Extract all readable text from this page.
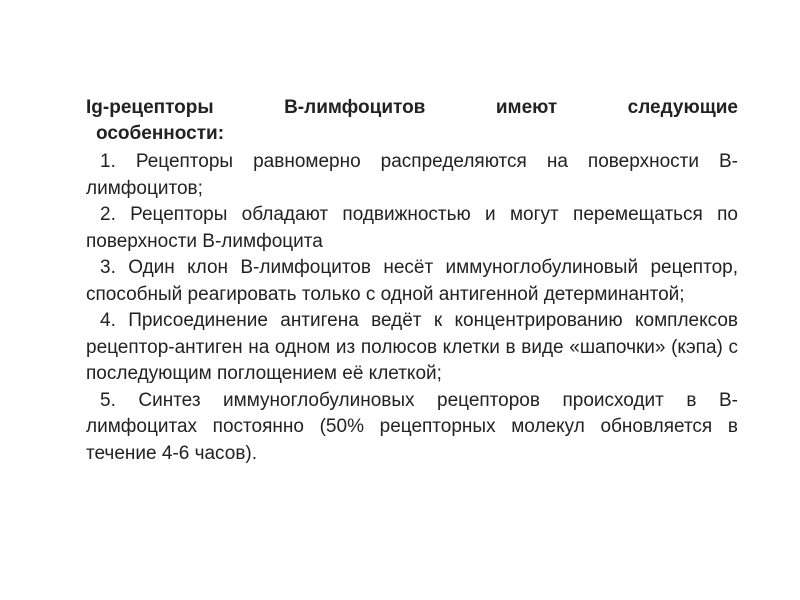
Ig-рецепторы В-лимфоцитов имеют следующие

особенности:

1. Рецепторы равномерно распределяются на поверхности В-лимфоцитов;
2. Рецепторы обладают подвижностью и могут перемещаться по поверхности В-лимфоцита
3. Один клон В-лимфоцитов несёт иммуноглобулиновый рецептор, способный реагировать только с одной антигенной детерминантой;
4. Присоединение антигена ведёт к концентрированию комплексов рецептор-антиген на одном из полюсов клетки в виде «шапочки» (кэпа) с последующим поглощением её клеткой;
5. Синтез иммуноглобулиновых рецепторов происходит в В-лимфоцитах постоянно (50% рецепторных молекул обновляется в течение 4-6 часов).
